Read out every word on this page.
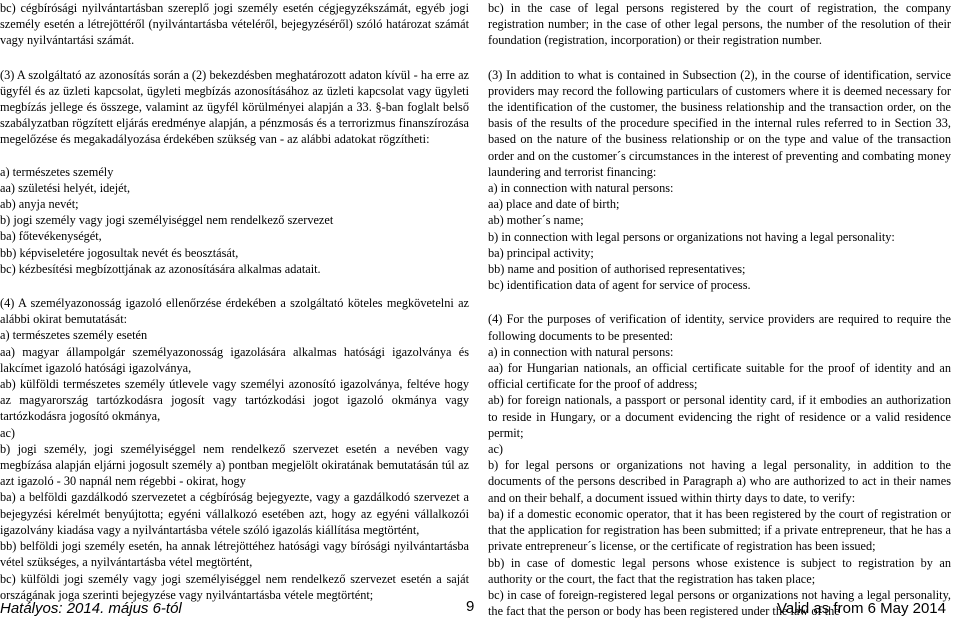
bc) cégbírósági nyilvántartásban szereplő jogi személy esetén cégjegyzékszámát, egyéb jogi személy esetén a létrejöttéről (nyilvántartásba vételéről, bejegyzéséről) szóló határozat számát vagy nyilvántartási számát.

(3) A szolgáltató az azonosítás során a (2) bekezdésben meghatározott adaton kívül - ha erre az ügyfél és az üzleti kapcsolat, ügyleti megbízás azonosításához az üzleti kapcsolat vagy ügyleti megbízás jellege és összege, valamint az ügyfél körülményei alapján a 33. §-ban foglalt belső szabályzatban rögzített eljárás eredménye alapján, a pénzmosás és a terrorizmus finanszírozása megelőzése és megakadályozása érdekében szükség van - az alábbi adatokat rögzítheti:

a) természetes személy

aa) születési helyét, idejét,

ab) anyja nevét;

b) jogi személy vagy jogi személyiséggel nem rendelkező szervezet

ba) főtevékenységét,

bb) képviseletére jogosultak nevét és beosztását,

bc) kézbesítési megbízottjának az azonosítására alkalmas adatait.

(4) A személyazonosság igazoló ellenőrzése érdekében a szolgáltató köteles megkövetelni az alábbi okirat bemutatását:

a) természetes személy esetén

aa) magyar állampolgár személyazonosság igazolására alkalmas hatósági igazolványa és lakcímet igazoló hatósági igazolványa,

ab) külföldi természetes személy útlevele vagy személyi azonosító igazolványa, feltéve hogy az magyarország tartózkodásra jogosít vagy tartózkodási jogot igazoló okmánya vagy tartózkodásra jogosító okmánya,

ac)

b) jogi személy, jogi személyiséggel nem rendelkező szervezet esetén a nevében vagy megbízása alapján eljárni jogosult személy a) pontban megjelölt okiratának bemutatásán túl az azt igazoló - 30 napnál nem régebbi - okirat, hogy

ba) a belföldi gazdálkodó szervezetet a cégbíróság bejegyezte, vagy a gazdálkodó szervezet a bejegyzési kérelmét benyújtotta; egyéni vállalkozó esetében azt, hogy az egyéni vállalkozói igazolvány kiadása vagy a nyilvántartásba vétele szóló igazolás kiállítása megtörtént,

bb) belföldi jogi személy esetén, ha annak létrejöttéhez hatósági vagy bírósági nyilvántartásba vétel szükséges, a nyilvántartásba vétel megtörtént,

bc) külföldi jogi személy vagy jogi személyiséggel nem rendelkező szervezet esetén a saját országának joga szerinti bejegyzése vagy nyilvántartásba vétele megtörtént;

bc) in the case of legal persons registered by the court of registration, the company registration number; in the case of other legal persons, the number of the resolution of their foundation (registration, incorporation) or their registration number.

(3) In addition to what is contained in Subsection (2), in the course of identification, service providers may record the following particulars of customers where it is deemed necessary for the identification of the customer, the business relationship and the transaction order, on the basis of the results of the procedure specified in the internal rules referred to in Section 33, based on the nature of the business relationship or on the type and value of the transaction order and on the customer´s circumstances in the interest of preventing and combating money laundering and terrorist financing:

a) in connection with natural persons:

aa) place and date of birth;

ab) mother´s name;

b) in connection with legal persons or organizations not having a legal personality:

ba) principal activity;

bb) name and position of authorised representatives;

bc) identification data of agent for service of process.

(4) For the purposes of verification of identity, service providers are required to require the following documents to be presented:

a) in connection with natural persons:

aa) for Hungarian nationals, an official certificate suitable for the proof of identity and an official certificate for the proof of address;

ab) for foreign nationals, a passport or personal identity card, if it embodies an authorization to reside in Hungary, or a document evidencing the right of residence or a valid residence permit;

ac)

b) for legal persons or organizations not having a legal personality, in addition to the documents of the persons described in Paragraph a) who are authorized to act in their names and on their behalf, a document issued within thirty days to date, to verify:

ba) if a domestic economic operator, that it has been registered by the court of registration or that the application for registration has been submitted; if a private entrepreneur, that he has a private entrepreneur´s license, or the certificate of registration has been issued;

bb) in case of domestic legal persons whose existence is subject to registration by an authority or the court, the fact that the registration has taken place;

bc) in case of foreign-registered legal persons or organizations not having a legal personality, the fact that the person or body has been registered under the law of the

Hatályos: 2014. május 6-tól	9	Valid as from 6 May 2014
